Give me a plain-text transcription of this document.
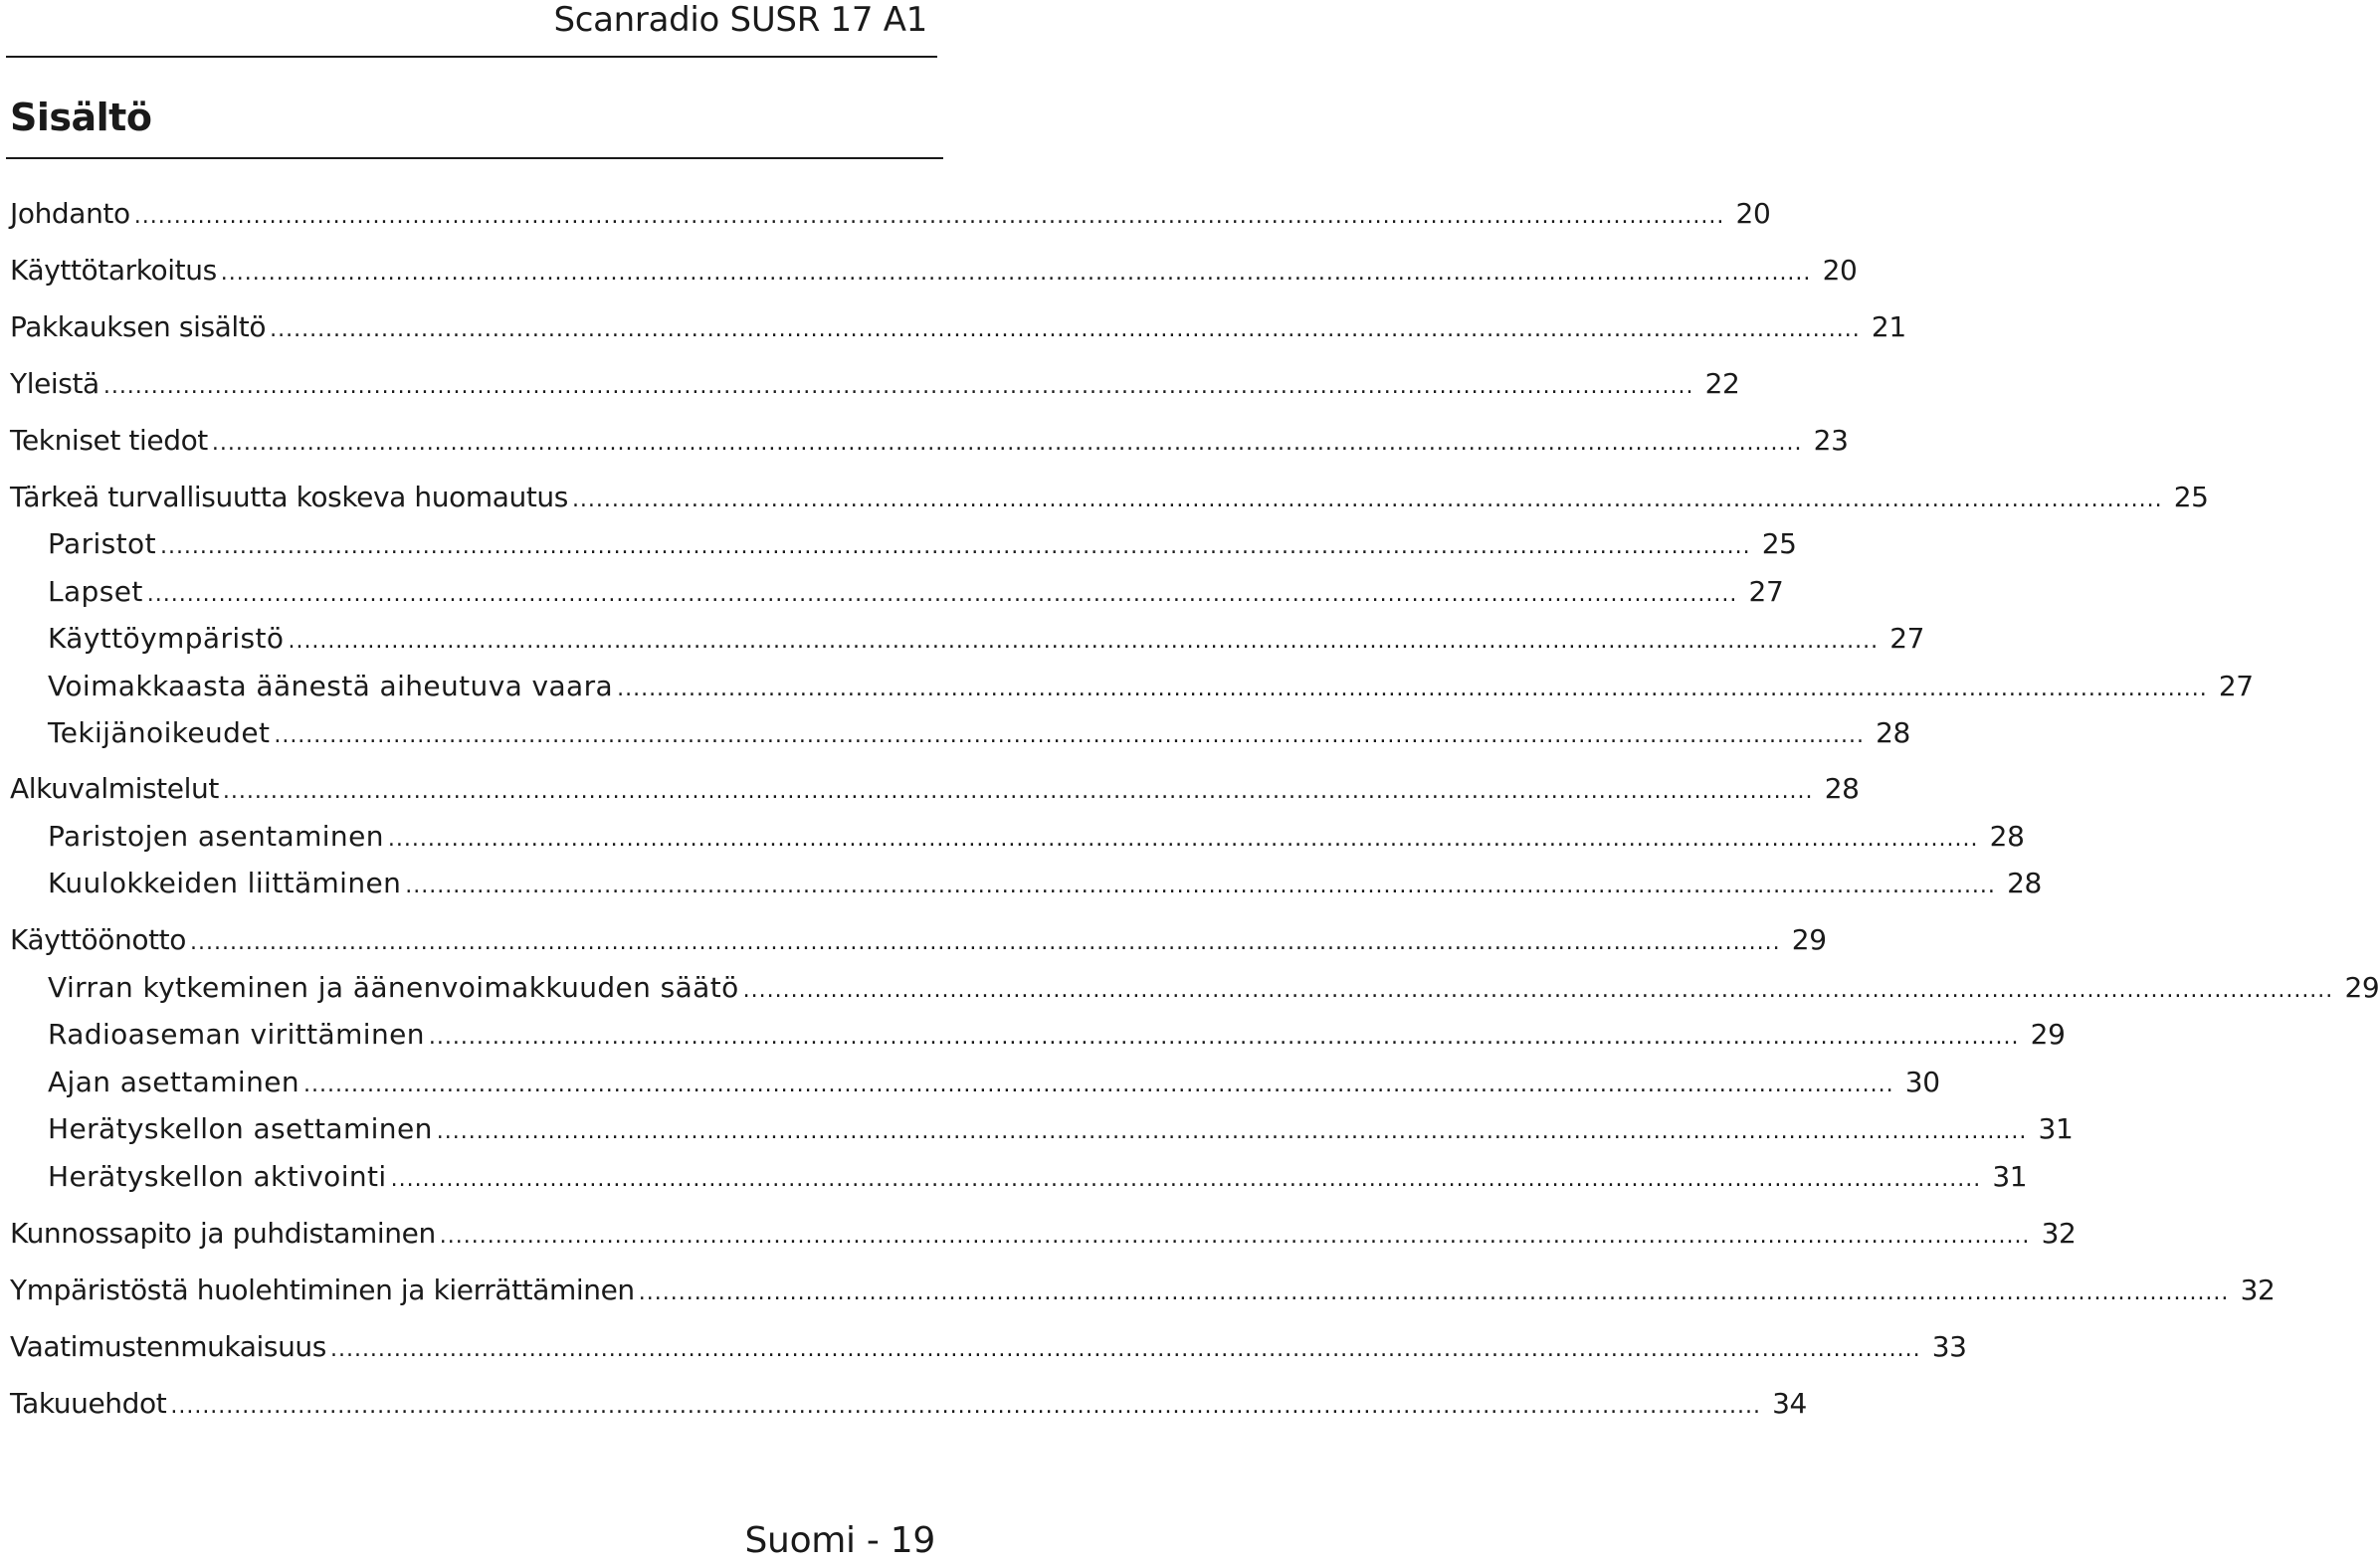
Scanradio SUSR 17 A1
Sisältö
Johdanto ........................................................................................................................................................................................................ 20
Käyttötarkoitus ........................................................................................................................................................................................................ 20
Pakkauksen sisältö ........................................................................................................................................................................................................ 21
Yleistä ........................................................................................................................................................................................................ 22
Tekniset tiedot ........................................................................................................................................................................................................ 23
Tärkeä turvallisuutta koskeva huomautus ........................................................................................................................................................................................................ 25
Paristot ........................................................................................................................................................................................................ 25
Lapset ........................................................................................................................................................................................................ 27
Käyttöympäristö ........................................................................................................................................................................................................ 27
Voimakkaasta äänestä aiheutuva vaara ........................................................................................................................................................................................................ 27
Tekijänoikeudet ........................................................................................................................................................................................................ 28
Alkuvalmistelut ........................................................................................................................................................................................................ 28
Paristojen asentaminen ........................................................................................................................................................................................................ 28
Kuulokkeiden liittäminen ........................................................................................................................................................................................................ 28
Käyttöönotto ........................................................................................................................................................................................................ 29
Virran kytkeminen ja äänenvoimakkuuden säätö ........................................................................................................................................................................................................ 29
Radioaseman virittäminen ........................................................................................................................................................................................................ 29
Ajan asettaminen ........................................................................................................................................................................................................ 30
Herätyskellon asettaminen ........................................................................................................................................................................................................ 31
Herätyskellon aktivointi ........................................................................................................................................................................................................ 31
Kunnossapito ja puhdistaminen ........................................................................................................................................................................................................ 32
Ympäristöstä huolehtiminen ja kierrättäminen ........................................................................................................................................................................................................ 32
Vaatimustenmukaisuus ........................................................................................................................................................................................................ 33
Takuuehdot ........................................................................................................................................................................................................ 34
Suomi - 19
